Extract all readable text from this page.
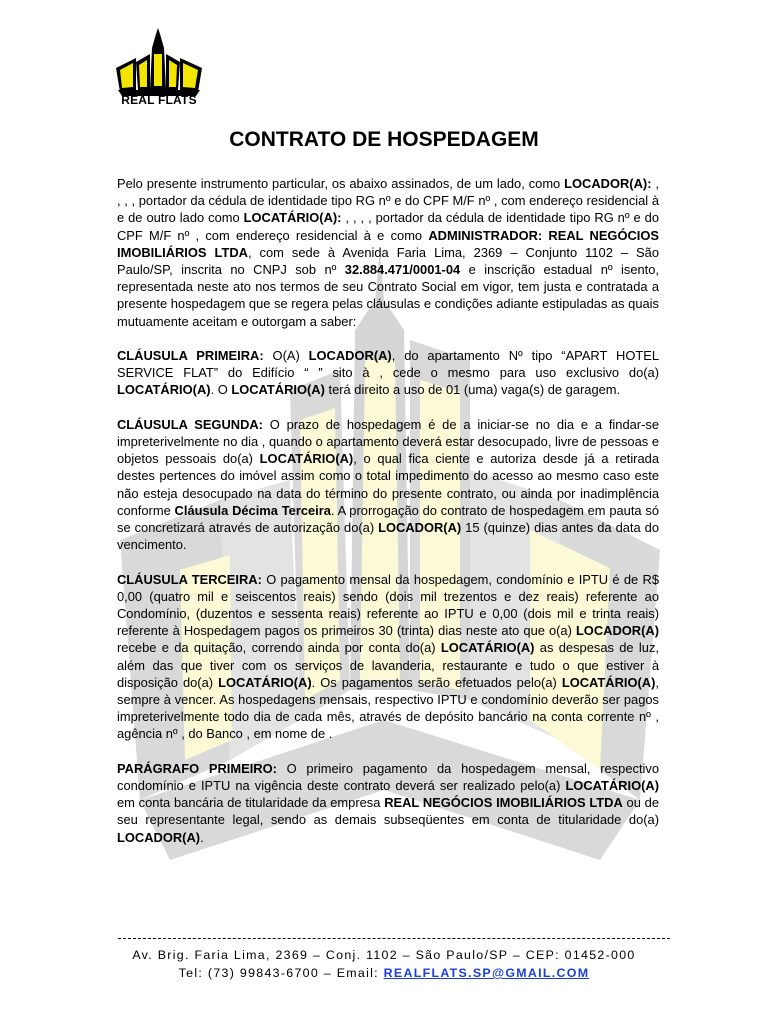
REAL FLATS
CONTRATO DE HOSPEDAGEM

Pelo presente instrumento particular, os abaixo assinados, de um lado, como LOCADOR(A): , , , , portador da cédula de identidade tipo RG nº e do CPF M/F nº , com endereço residencial à e de outro lado como LOCATÁRIO(A): , , , , portador da cédula de identidade tipo RG nº e do CPF M/F nº , com endereço residencial à e como ADMINISTRADOR: REAL NEGÓCIOS IMOBILIÁRIOS LTDA, com sede à Avenida Faria Lima, 2369 – Conjunto 1102 – São Paulo/SP, inscrita no CNPJ sob nº 32.884.471/0001-04 e inscrição estadual nº isento, representada neste ato nos termos de seu Contrato Social em vigor, tem justa e contratada a presente hospedagem que se regera pelas cláusulas e condições adiante estipuladas as quais mutuamente aceitam e outorgam a saber:

CLÁUSULA PRIMEIRA: O(A) LOCADOR(A), do apartamento Nº tipo “APART HOTEL SERVICE FLAT” do Edifício “ ” sito à , cede o mesmo para uso exclusivo do(a) LOCATÁRIO(A). O LOCATÁRIO(A) terá direito a uso de 01 (uma) vaga(s) de garagem.

CLÁUSULA SEGUNDA: O prazo de hospedagem é de a iniciar-se no dia e a findar-se impreterivelmente no dia , quando o apartamento deverá estar desocupado, livre de pessoas e objetos pessoais do(a) LOCATÁRIO(A), o qual fica ciente e autoriza desde já a retirada destes pertences do imóvel assim como o total impedimento do acesso ao mesmo caso este não esteja desocupado na data do término do presente contrato, ou ainda por inadimplência conforme Cláusula Décima Terceira. A prorrogação do contrato de hospedagem em pauta só se concretizará através de autorização do(a) LOCADOR(A) 15 (quinze) dias antes da data do vencimento.

CLÁUSULA TERCEIRA: O pagamento mensal da hospedagem, condomínio e IPTU é de R$ 0,00 (quatro mil e seiscentos reais) sendo (dois mil trezentos e dez reais) referente ao Condomínio, (duzentos e sessenta reais) referente ao IPTU e 0,00 (dois mil e trinta reais) referente à Hospedagem pagos os primeiros 30 (trinta) dias neste ato que o(a) LOCADOR(A) recebe e da quitação, correndo ainda por conta do(a) LOCATÁRIO(A) as despesas de luz, além das que tiver com os serviços de lavanderia, restaurante e tudo o que estiver à disposição do(a) LOCATÁRIO(A). Os pagamentos serão efetuados pelo(a) LOCATÁRIO(A), sempre à vencer. As hospedagens mensais, respectivo IPTU e condomínio deverão ser pagos impreterivelmente todo dia de cada mês, através de depósito bancário na conta corrente nº , agência nº , do Banco , em nome de .

PARÁGRAFO PRIMEIRO: O primeiro pagamento da hospedagem mensal, respectivo condomínio e IPTU na vigência deste contrato deverá ser realizado pelo(a) LOCATÁRIO(A) em conta bancária de titularidade da empresa REAL NEGÓCIOS IMOBILIÁRIOS LTDA ou de seu representante legal, sendo as demais subseqüentes em conta de titularidade do(a) LOCADOR(A).

Av. Brig. Faria Lima, 2369 – Conj. 1102 – São Paulo/SP – CEP: 01452-000
Tel: (73) 99843-6700 – Email: REALFLATS.SP@GMAIL.COM
